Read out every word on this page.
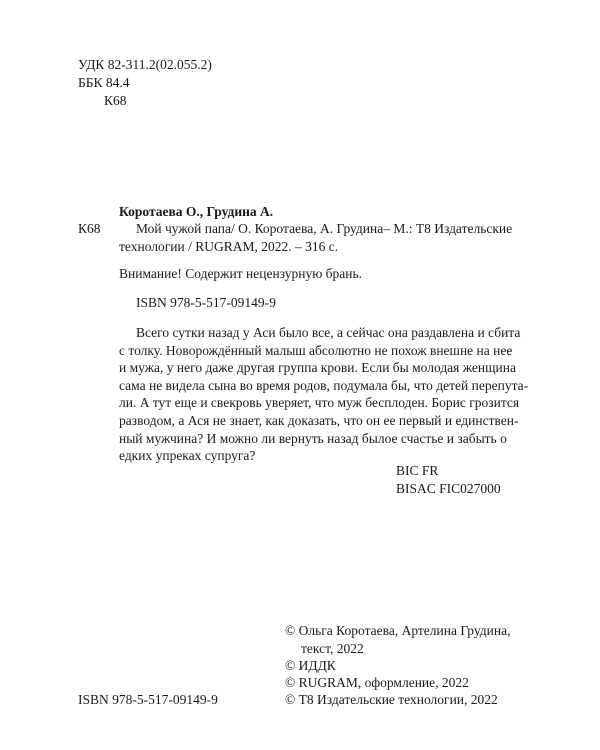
УДК 82-311.2(02.055.2)
ББК 84.4
К68
Коротаева О., Грудина А.
К68	Мой чужой папа/ О. Коротаева, А. Грудина– М.: Т8 Издательские
технологии / RUGRAM, 2022. – 316 с.
Внимание! Содержит нецензурную брань.
ISBN 978-5-517-09149-9
Всего сутки назад у Аси было все, а сейчас она раздавлена и сбита
с толку. Новорождённый малыш абсолютно не похож внешне на нее
и мужа, у него даже другая группа крови. Если бы молодая женщина
сама не видела сына во время родов, подумала бы, что детей перепута-
ли. А тут еще и свекровь уверяет, что муж бесплоден. Борис грозится
разводом, а Ася не знает, как доказать, что он ее первый и единствен-
ный мужчина? И можно ли вернуть назад былое счастье и забыть о
едких упреках супруга?
BIC FR
BISAC FIC027000
© Ольга Коротаева, Артелина Грудина,
текст, 2022
© ИДДК
© RUGRAM, оформление, 2022
© Т8 Издательские технологии, 2022
ISBN 978-5-517-09149-9
